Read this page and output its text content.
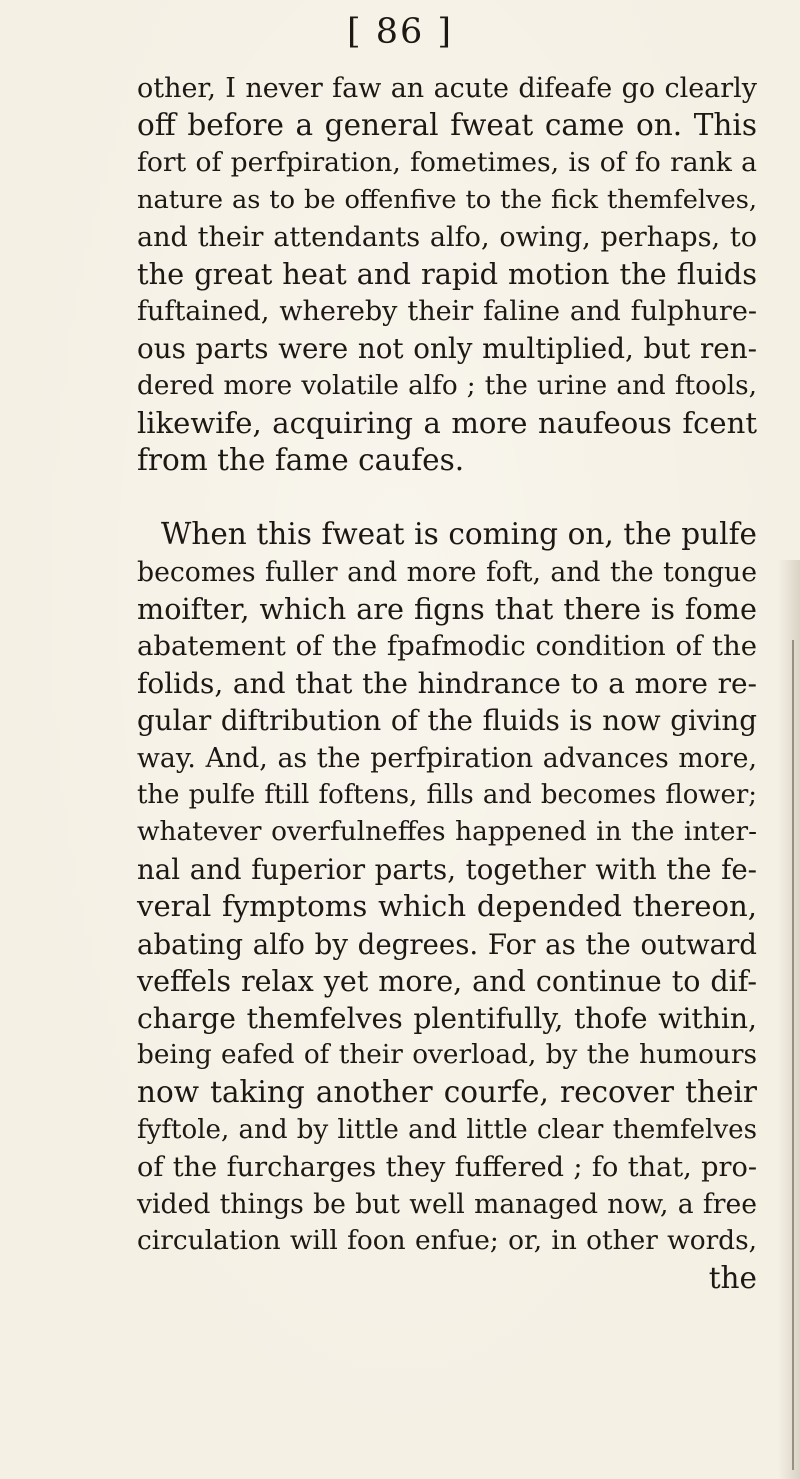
[ 86 ]
other, I never faw an acute difeafe go clearly
off before a general fweat came on. This
fort of perfpiration, fometimes, is of fo rank a
nature as to be offenfive to the fick themfelves,
and their attendants alfo, owing, perhaps, to
the great heat and rapid motion the fluids
fuftained, whereby their faline and fulphure-
ous parts were not only multiplied, but ren-
dered more volatile alfo ; the urine and ftools,
likewife, acquiring a more naufeous fcent
from the fame caufes.
When this fweat is coming on, the pulfe
becomes fuller and more foft, and the tongue
moifter, which are figns that there is fome
abatement of the fpafmodic condition of the
folids, and that the hindrance to a more re-
gular diftribution of the fluids is now giving
way. And, as the perfpiration advances more,
the pulfe ftill foftens, fills and becomes flower;
whatever overfulneffes happened in the inter-
nal and fuperior parts, together with the fe-
veral fymptoms which depended thereon,
abating alfo by degrees. For as the outward
veffels relax yet more, and continue to dif-
charge themfelves plentifully, thofe within,
being eafed of their overload, by the humours
now taking another courfe, recover their
fyftole, and by little and little clear themfelves
of the furcharges they fuffered ; fo that, pro-
vided things be but well managed now, a free
circulation will foon enfue; or, in other words,
the
